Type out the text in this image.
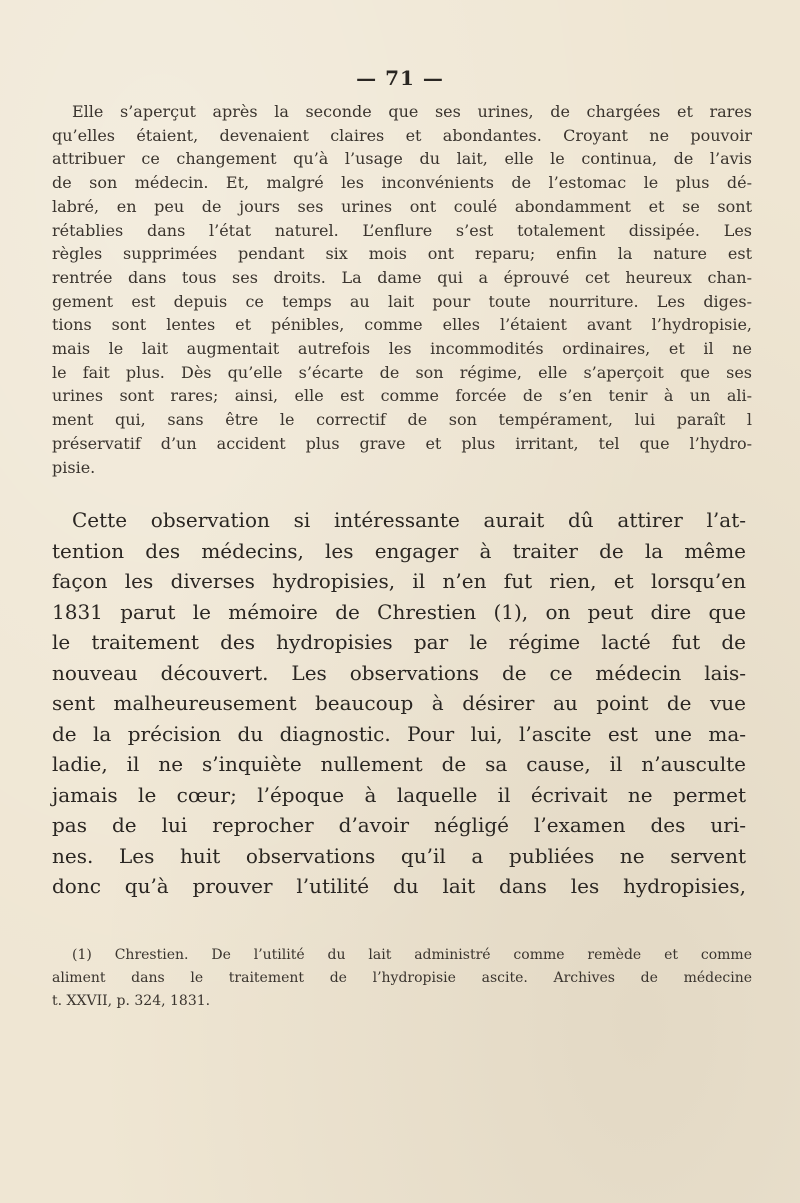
— 71 —
Elle s’aperçut après la seconde que ses urines, de chargées et rares
qu’elles étaient, devenaient claires et abondantes. Croyant ne pouvoir
attribuer ce changement qu’à l’usage du lait, elle le continua, de l’avis
de son médecin. Et, malgré les inconvénients de l’estomac le plus dé-
labré, en peu de jours ses urines ont coulé abondamment et se sont
rétablies dans l’état naturel. L’enflure s’est totalement dissipée. Les
règles supprimées pendant six mois ont reparu; enfin la nature est
rentrée dans tous ses droits. La dame qui a éprouvé cet heureux chan-
gement est depuis ce temps au lait pour toute nourriture. Les diges-
tions sont lentes et pénibles, comme elles l’étaient avant l’hydropisie,
mais le lait augmentait autrefois les incommodités ordinaires, et il ne
le fait plus. Dès qu’elle s’écarte de son régime, elle s’aperçoit que ses
urines sont rares; ainsi, elle est comme forcée de s’en tenir à un ali-
ment qui, sans être le correctif de son tempérament, lui paraît l
préservatif d’un accident plus grave et plus irritant, tel que l’hydro-
pisie.
Cette observation si intéressante aurait dû attirer l’at-
tention des médecins, les engager à traiter de la même
façon les diverses hydropisies, il n’en fut rien, et lorsqu’en
1831 parut le mémoire de Chrestien (1), on peut dire que
le traitement des hydropisies par le régime lacté fut de
nouveau découvert. Les observations de ce médecin lais-
sent malheureusement beaucoup à désirer au point de vue
de la précision du diagnostic. Pour lui, l’ascite est une ma-
ladie, il ne s’inquiète nullement de sa cause, il n’ausculte
jamais le cœur; l’époque à laquelle il écrivait ne permet
pas de lui reprocher d’avoir négligé l’examen des uri-
nes. Les huit observations qu’il a publiées ne servent
donc qu’à prouver l’utilité du lait dans les hydropisies,
(1) Chrestien. De l’utilité du lait administré comme remède et comme
aliment dans le traitement de l’hydropisie ascite. Archives de médecine
t. XXVII, p. 324, 1831.
